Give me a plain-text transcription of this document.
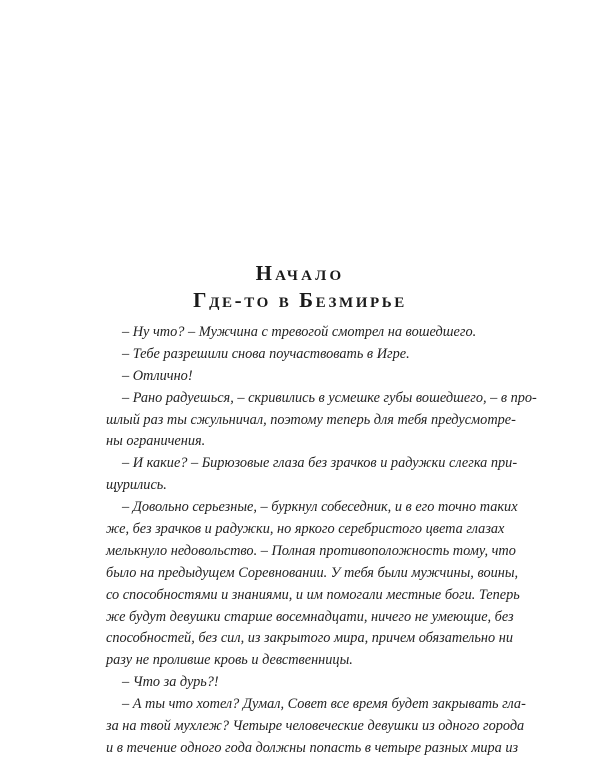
Начало
Где-то в Безмирье
– Ну что? – Мужчина с тревогой смотрел на вошедшего.
– Тебе разрешили снова поучаствовать в Игре.
– Отлично!
– Рано радуешься, – скривились в усмешке губы вошедшего, – в про-
шлый раз ты сжульничал, поэтому теперь для тебя предусмотре-
ны ограничения.
– И какие? – Бирюзовые глаза без зрачков и радужки слегка при-
щурились.
– Довольно серьезные, – буркнул собеседник, и в его точно таких
же, без зрачков и радужки, но яркого серебристого цвета глазах
мелькнуло недовольство. – Полная противоположность тому, что
было на предыдущем Соревновании. У тебя были мужчины, воины,
со способностями и знаниями, и им помогали местные боги. Теперь
же будут девушки старше восемнадцати, ничего не умеющие, без
способностей, без сил, из закрытого мира, причем обязательно ни
разу не проливше кровь и девственницы.
– Что за дурь?!
– А ты что хотел? Думал, Совет все время будет закрывать гла-
за на твой мухлеж? Четыре человеческие девушки из одного города
и в течение одного года должны попасть в четыре разных мира из
